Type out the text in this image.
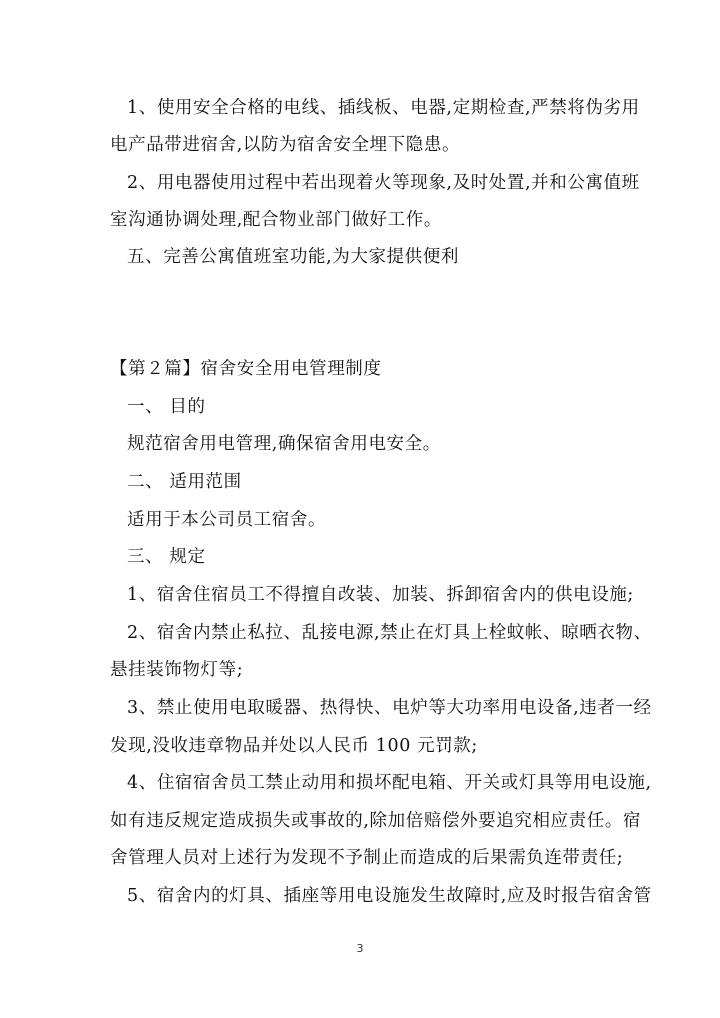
1、使用安全合格的电线、插线板、电器,定期检查,严禁将伪劣用
电产品带进宿舍,以防为宿舍安全埋下隐患。
2、用电器使用过程中若出现着火等现象,及时处置,并和公寓值班
室沟通协调处理,配合物业部门做好工作。
五、完善公寓值班室功能,为大家提供便利
【第２篇】宿舍安全用电管理制度
一、 目的
规范宿舍用电管理,确保宿舍用电安全。
二、 适用范围
适用于本公司员工宿舍。
三、 规定
1、宿舍住宿员工不得擅自改装、加装、拆卸宿舍内的供电设施;
2、宿舍内禁止私拉、乱接电源,禁止在灯具上栓蚊帐、晾晒衣物、
悬挂装饰物灯等;
3、禁止使用电取暖器、热得快、电炉等大功率用电设备,违者一经
发现,没收违章物品并处以人民币 100 元罚款;
4、住宿宿舍员工禁止动用和损坏配电箱、开关或灯具等用电设施,
如有违反规定造成损失或事故的,除加倍赔偿外要追究相应责任。宿
舍管理人员对上述行为发现不予制止而造成的后果需负连带责任;
5、宿舍内的灯具、插座等用电设施发生故障时,应及时报告宿舍管
3
